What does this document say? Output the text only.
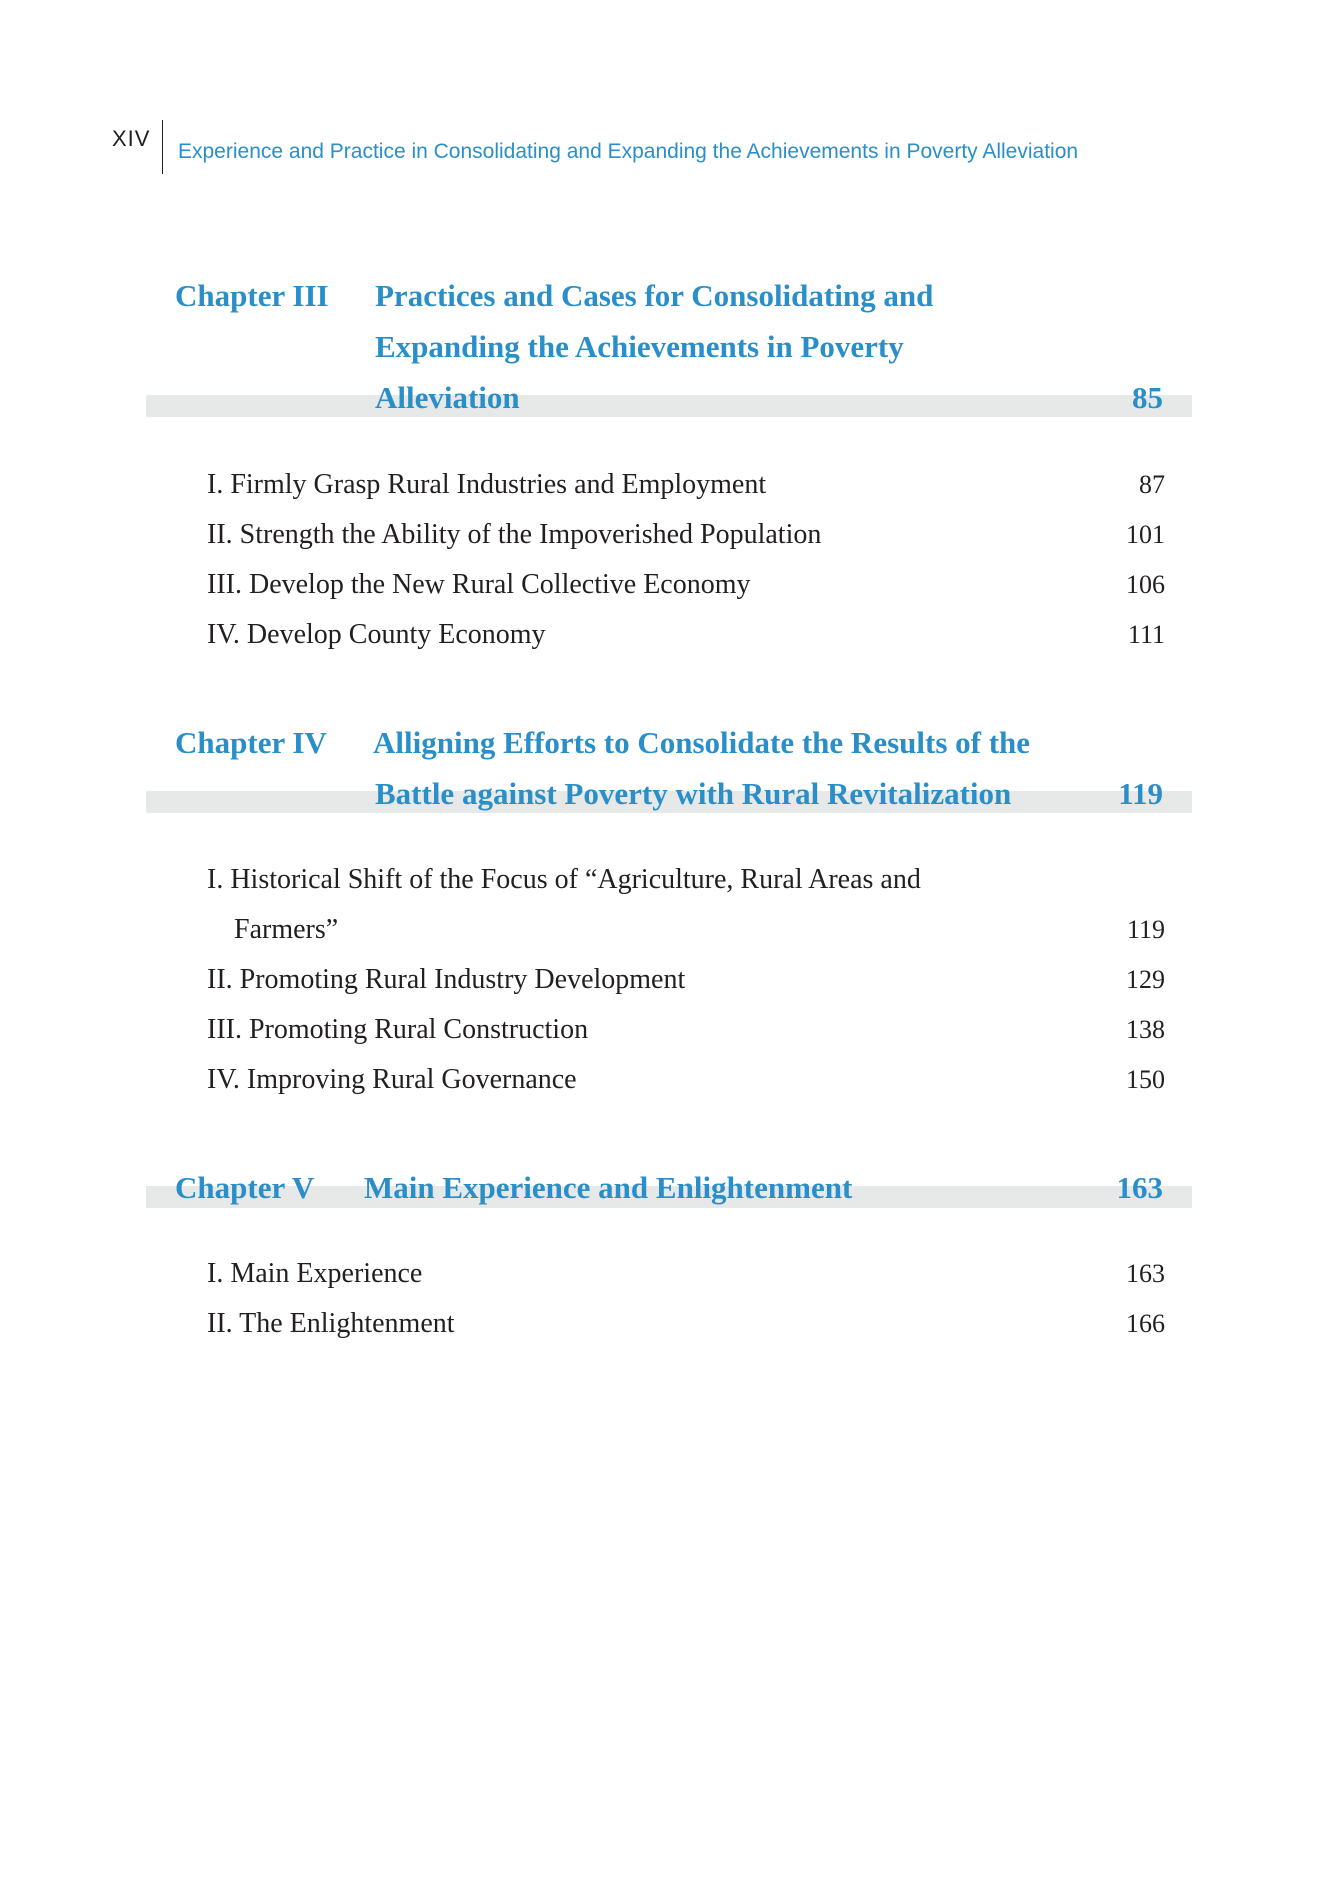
XIV
Experience and Practice in Consolidating and Expanding the Achievements in Poverty Alleviation
Chapter III Practices and Cases for Consolidating and
Expanding the Achievements in Poverty
Alleviation	85
I. Firmly Grasp Rural Industries and Employment	87
II. Strength the Ability of the Impoverished Population	101
III. Develop the New Rural Collective Economy	106
IV. Develop County Economy	111
Chapter IV Alligning Efforts to Consolidate the Results of the
Battle against Poverty with Rural Revitalization	119
I. Historical Shift of the Focus of “Agriculture, Rural Areas and
Farmers”	119
II. Promoting Rural Industry Development	129
III. Promoting Rural Construction	138
IV. Improving Rural Governance	150
Chapter V Main Experience and Enlightenment	163
I. Main Experience	163
II. The Enlightenment	166
